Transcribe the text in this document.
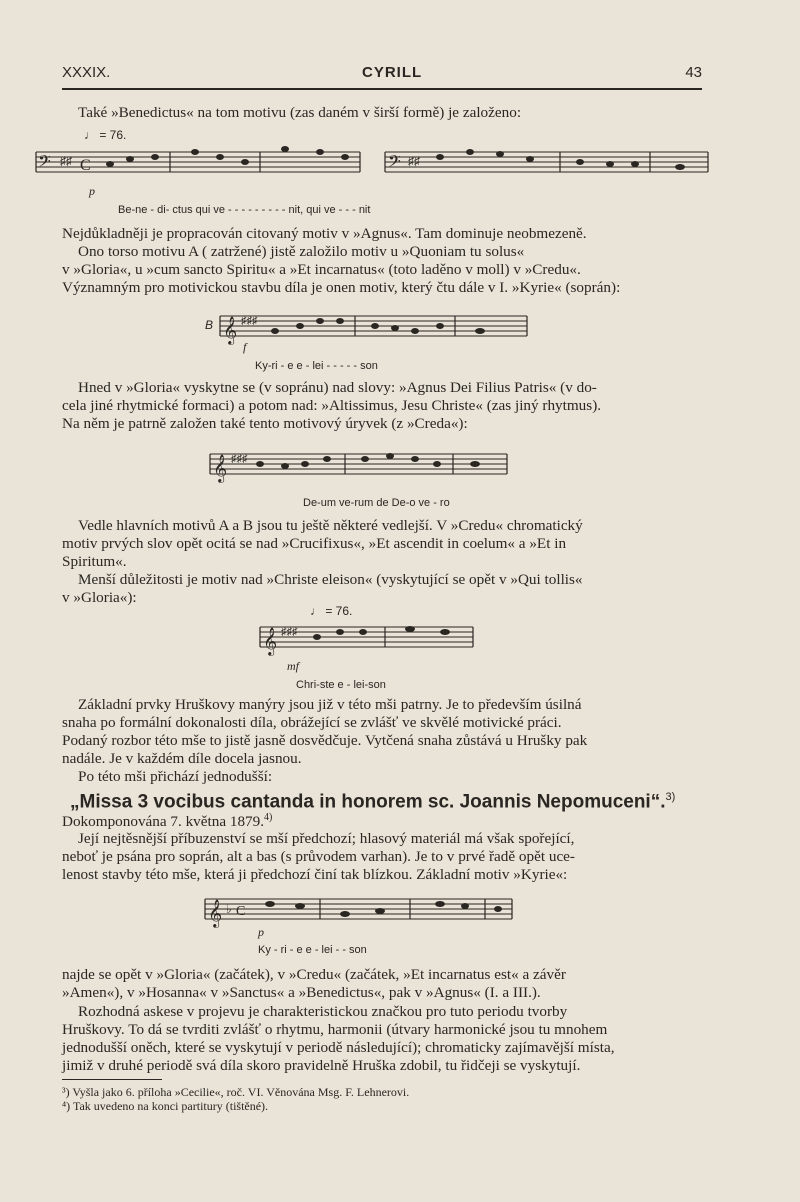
XXXIX.	CYRILL	43

Také »Benedictus« na tom motivu (zas daném v širší formě) je založeno:

♩ = 76.
𝄢	𝄢
♯♯	♯♯
C
p
Be-ne - di- ctus qui ve - - - - - - - - - nit, qui ve - - - nit

Nejdůkladněji je propracován citovaný motiv v »Agnus«. Tam dominuje neobmezeně.

Ono torso motivu A ( zatržené) jistě založilo motiv u »Quoniam tu solus«

v »Gloria«, u »cum sancto Spiritu« a »Et incarnatus« (toto laděno v moll) v »Credu«.

Významným pro motivickou stavbu díla je onen motiv, který čtu dále v I. »Kyrie« (soprán):

B 𝄞 ♯♯♯
f
Ky-ri - e e - lei - - - - - son

Hned v »Gloria« vyskytne se (v sopránu) nad slovy: »Agnus Dei Filius Patris« (v do-

cela jiné rhytmické formaci) a potom nad: »Altissimus, Jesu Christe« (zas jiný rhytmus).

Na něm je patrně založen také tento motivový úryvek (z »Creda«):

𝄞 ♯♯♯
De-um ve-rum de De-o ve - ro

Vedle hlavních motivů A a B jsou tu ještě některé vedlejší. V »Credu« chromatický

motiv prvých slov opět ocitá se nad »Crucifixus«, »Et ascendit in coelum« a »Et in

Spiritum«.

Menší důležitosti je motiv nad »Christe eleison« (vyskytující se opět v »Qui tollis«

v »Gloria«):

♩ = 76.
𝄞 ♯♯♯
mf
Chri-ste e - lei-son

Základní prvky Hruškovy manýry jsou již v této mši patrny. Je to především úsilná

snaha po formální dokonalosti díla, obrážející se zvlášť ve skvělé motivické práci.

Podaný rozbor této mše to jistě jasně dosvědčuje. Vytčená snaha zůstává u Hrušky pak

nadále. Je v každém díle docela jasnou.

Po této mši přichází jednodušší:

„Missa 3 vocibus cantanda in honorem sc. Joannis Nepomuceni“.$^{3)}$

Dokomponována 7. května 1879.$^{4)}$

Její nejtěsnější příbuzenství se mší předchozí; hlasový materiál má však spořející,

neboť je psána pro soprán, alt a bas (s průvodem varhan). Je to v prvé řadě opět uce-

lenost stavby této mše, která ji předchozí činí tak blízkou. Základní motiv »Kyrie«:

𝄞 ♭ C
p
Ky - ri - e e - lei - - son

najde se opět v »Gloria« (začátek), v »Credu« (začátek, »Et incarnatus est« a závěr

»Amen«), v »Hosanna« v »Sanctus« a »Benedictus«, pak v »Agnus« (I. a III.).

Rozhodná askese v projevu je charakteristickou značkou pro tuto periodu tvorby

Hruškovy. To dá se tvrditi zvlášť o rhytmu, harmonii (útvary harmonické jsou tu mnohem

jednodušší oněch, které se vyskytují v periodě následující); chromaticky zajímavější místa,

jimiž v druhé periodě svá díla skoro pravidelně Hruška zdobil, tu řidčeji se vyskytují.

³) Vyšla jako 6. příloha »Cecilie«, roč. VI. Věnována Msg. F. Lehnerovi.

⁴) Tak uvedeno na konci partitury (tištěné).
